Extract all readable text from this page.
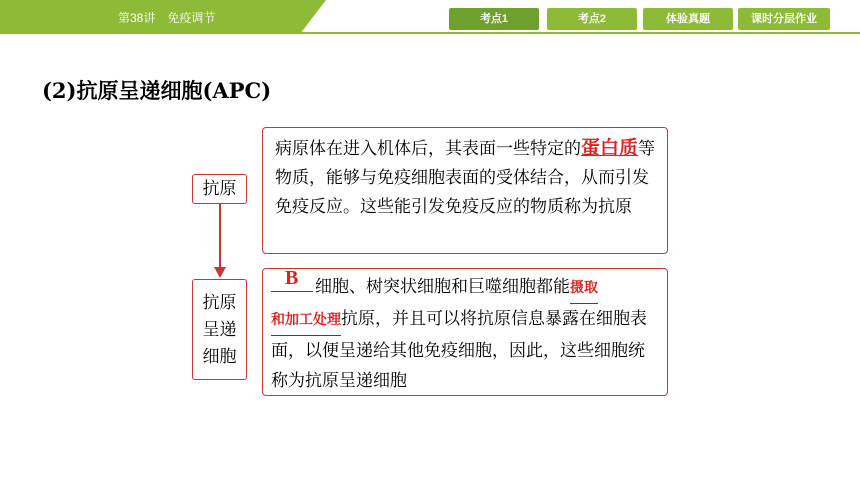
第38讲　免疫调节	考点1	考点2	体验真题	课时分层作业
(2)抗原呈递细胞(APC)
抗原
抗原
呈递
细胞
病原体在进入机体后，其表面一些特定的蛋白质等物质，能够与免疫细胞表面的受体结合，从而引发免疫反应。这些能引发免疫反应的物质称为抗原
B 细胞、树突状细胞和巨噬细胞都能摄取和加工处理抗原，并且可以将抗原信息暴露在细胞表面，以便呈递给其他免疫细胞，因此，这些细胞统称为抗原呈递细胞
